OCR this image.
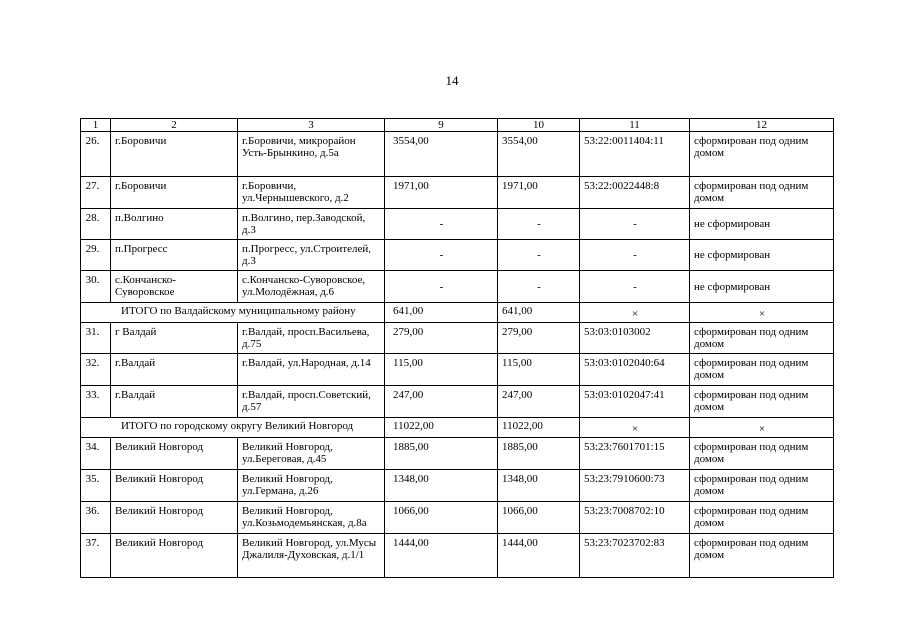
14
1	2	3	9	10	11	12
26.	г.Боровичи	г.Боровичи, микрорайон Усть-Брынкино, д.5а	3554,00	3554,00	53:22:0011404:11	сформирован под одним домом
27.	г.Боровичи	г.Боровичи, ул.Чернышевского, д.2	1971,00	1971,00	53:22:0022448:8	сформирован под одним домом
28.	п.Волгино	п.Волгино, пер.Заводской, д.3	-	-	-	не сформирован
29.	п.Прогресс	п.Прогресс, ул.Строителей, д.3	-	-	-	не сформирован
30.	с.Кончанско-Суворовское	с.Кончанско-Суворовское, ул.Молодёжная, д.6	-	-	-	не сформирован
ИТОГО по Валдайскому муниципальному району			641,00	641,00	×	×
31.	г Валдай	г.Валдай, просп.Васильева, д.75	279,00	279,00	53:03:0103002	сформирован под одним домом
32.	г.Валдай	г.Валдай, ул.Народная, д.14	115,00	115,00	53:03:0102040:64	сформирован под одним домом
33.	г.Валдай	г.Валдай, просп.Советский, д.57	247,00	247,00	53:03:0102047:41	сформирован под одним домом
ИТОГО по городскому округу Великий Новгород			11022,00	11022,00	×	×
34.	Великий Новгород	Великий Новгород, ул.Береговая, д.45	1885,00	1885,00	53:23:7601701:15	сформирован под одним домом
35.	Великий Новгород	Великий Новгород, ул.Германа, д.26	1348,00	1348,00	53:23:7910600:73	сформирован под одним домом
36.	Великий Новгород	Великий Новгород, ул.Козьмодемьянская, д.8а	1066,00	1066,00	53:23:7008702:10	сформирован под одним домом
37.	Великий Новгород	Великий Новгород, ул.Мусы Джалиля-Духовская, д.1/1	1444,00	1444,00	53:23:7023702:83	сформирован под одним домом
